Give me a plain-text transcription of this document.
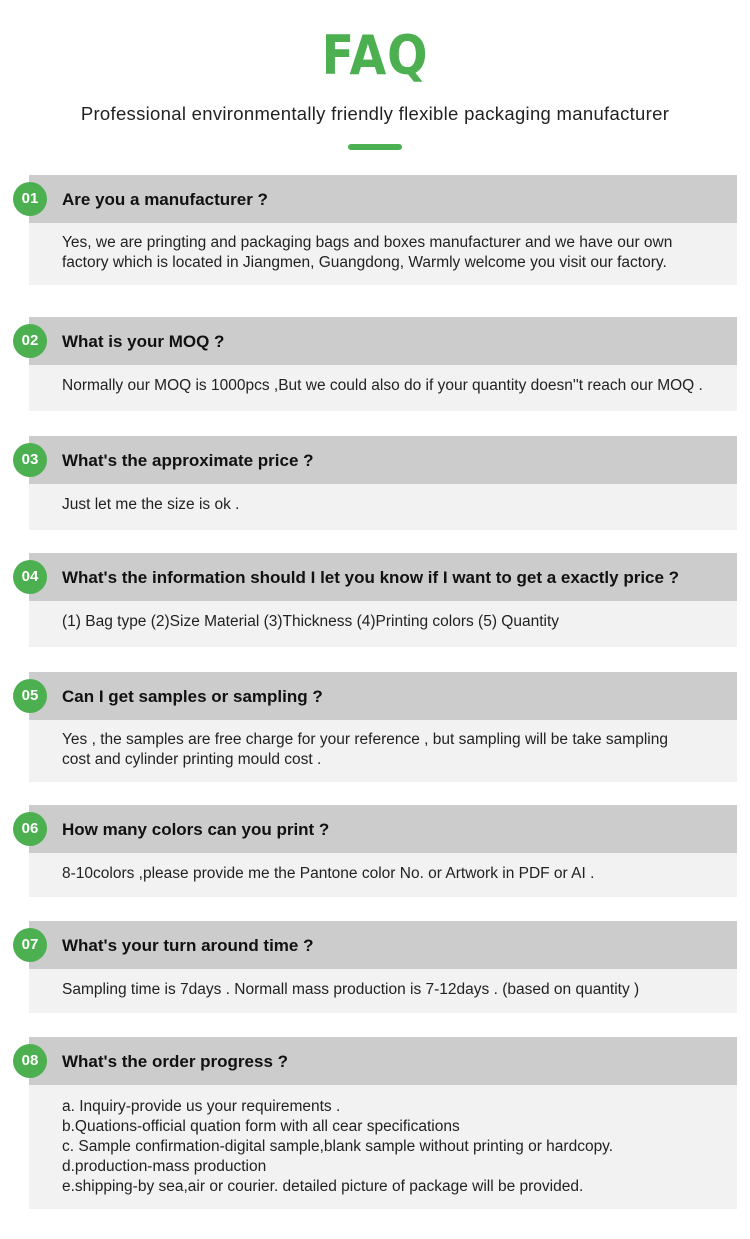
FAQ
Professional environmentally friendly flexible packaging manufacturer
01	Are you a manufacturer ?
Yes, we are pringting and packaging bags and boxes manufacturer and we have our own
factory which is located in Jiangmen, Guangdong, Warmly welcome you visit our factory.
02	What is your MOQ ?
Normally our MOQ is 1000pcs ,But we could also do if your quantity doesn''t reach our MOQ .
03	What's the approximate price ?
Just let me the size is ok .
04	What's the information should I let you know if I want to get a exactly price ?
(1) Bag type (2)Size Material (3)Thickness (4)Printing colors (5) Quantity
05	Can I get samples or sampling ?
Yes , the samples are free charge for your reference , but sampling will be take sampling
cost and cylinder printing mould cost .
06	How many colors can you print ?
8-10colors ,please provide me the Pantone color No. or Artwork in PDF or AI .
07	What's your turn around time ?
Sampling time is 7days . Normall mass production is 7-12days . (based on quantity )
08	What's the order progress ?
a. Inquiry-provide us your requirements .
b.Quations-official quation form with all cear specifications
c. Sample confirmation-digital sample,blank sample without printing or hardcopy.
d.production-mass production
e.shipping-by sea,air or courier. detailed picture of package will be provided.
